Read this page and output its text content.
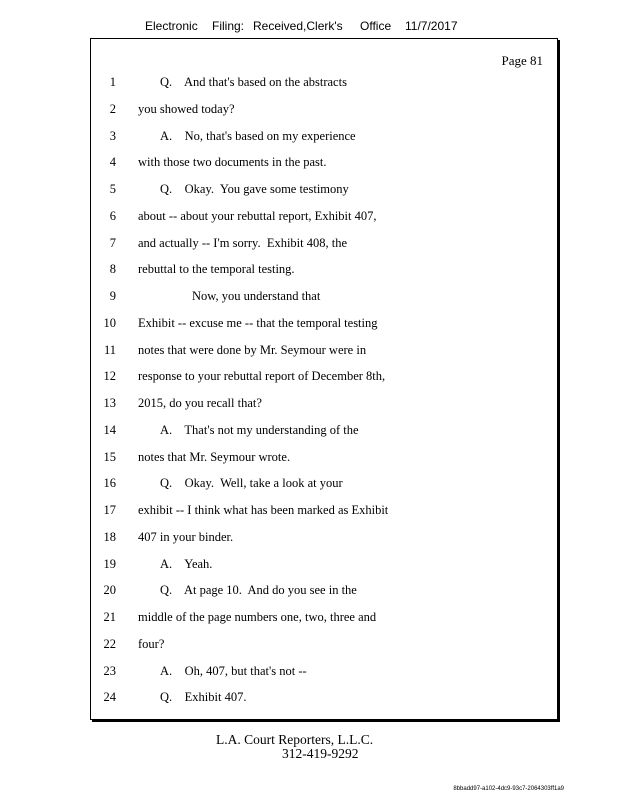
Electronic Filing: Received,Clerk's Office 11/7/2017
Page 81
1	Q.    And that's based on the abstracts
2 you showed today?
3	A.    No, that's based on my experience
4 with those two documents in the past.
5	Q.    Okay.  You gave some testimony
6 about -- about your rebuttal report, Exhibit 407,
7 and actually -- I'm sorry.  Exhibit 408, the
8 rebuttal to the temporal testing.
9	Now, you understand that
10 Exhibit -- excuse me -- that the temporal testing
11 notes that were done by Mr. Seymour were in
12 response to your rebuttal report of December 8th,
13 2015, do you recall that?
14	A.    That's not my understanding of the
15 notes that Mr. Seymour wrote.
16	Q.    Okay.  Well, take a look at your
17 exhibit -- I think what has been marked as Exhibit
18 407 in your binder.
19	A.    Yeah.
20	Q.    At page 10.  And do you see in the
21 middle of the page numbers one, two, three and
22 four?
23	A.    Oh, 407, but that's not --
24	Q.    Exhibit 407.
L.A. Court Reporters, L.L.C.
312-419-9292
8bbadd97-a102-4dc9-93c7-2064303ff1a9
